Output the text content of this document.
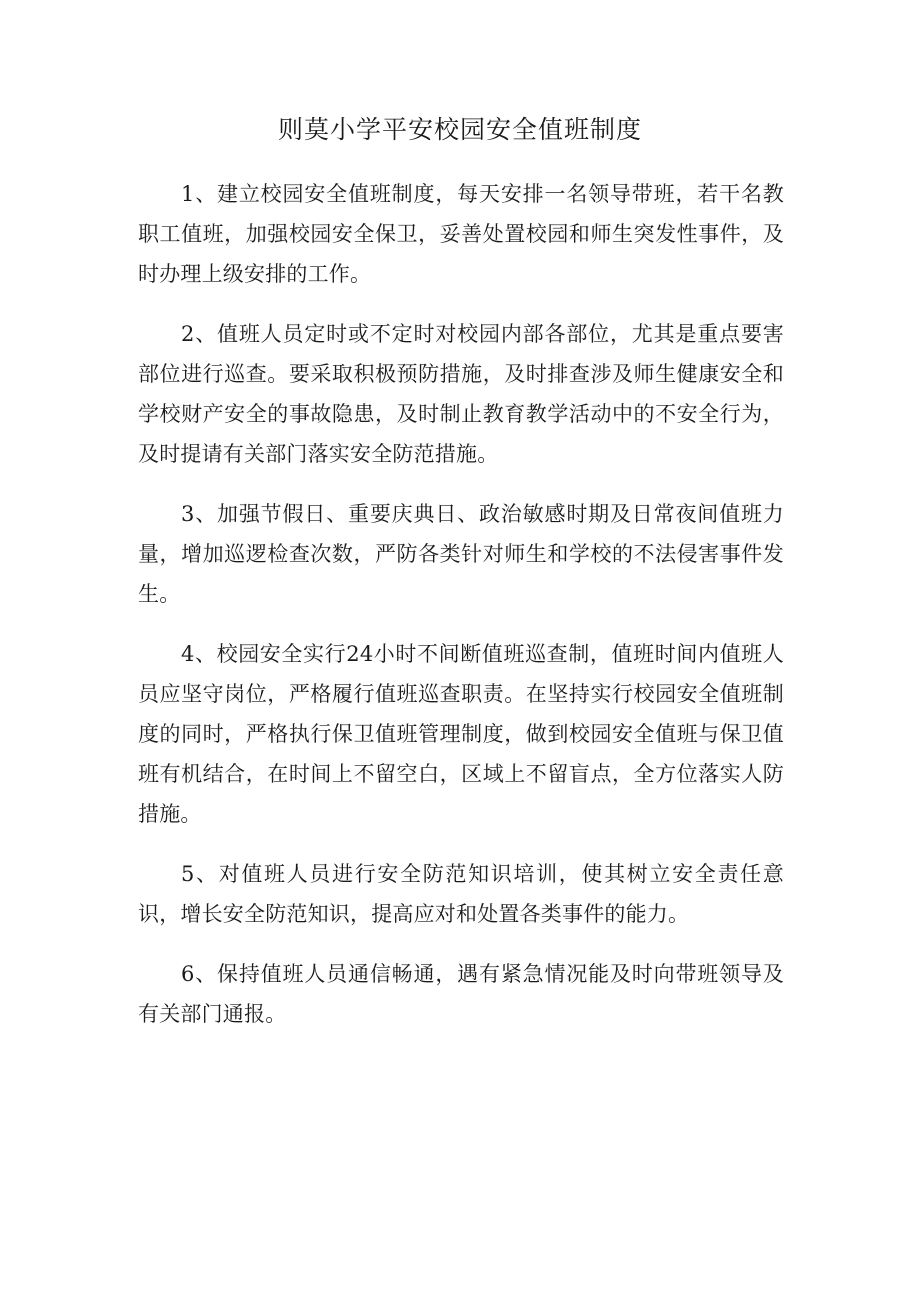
则莫小学平安校园安全值班制度

1、建立校园安全值班制度，每天安排一名领导带班，若干名教职工值班，加强校园安全保卫，妥善处置校园和师生突发性事件，及时办理上级安排的工作。

2、值班人员定时或不定时对校园内部各部位，尤其是重点要害部位进行巡查。要采取积极预防措施，及时排查涉及师生健康安全和学校财产安全的事故隐患，及时制止教育教学活动中的不安全行为，及时提请有关部门落实安全防范措施。

3、加强节假日、重要庆典日、政治敏感时期及日常夜间值班力量，增加巡逻检查次数，严防各类针对师生和学校的不法侵害事件发生。

4、校园安全实行24小时不间断值班巡查制，值班时间内值班人员应坚守岗位，严格履行值班巡查职责。在坚持实行校园安全值班制度的同时，严格执行保卫值班管理制度，做到校园安全值班与保卫值班有机结合，在时间上不留空白，区域上不留盲点，全方位落实人防措施。

5、对值班人员进行安全防范知识培训，使其树立安全责任意识，增长安全防范知识，提高应对和处置各类事件的能力。

6、保持值班人员通信畅通，遇有紧急情况能及时向带班领导及有关部门通报。
